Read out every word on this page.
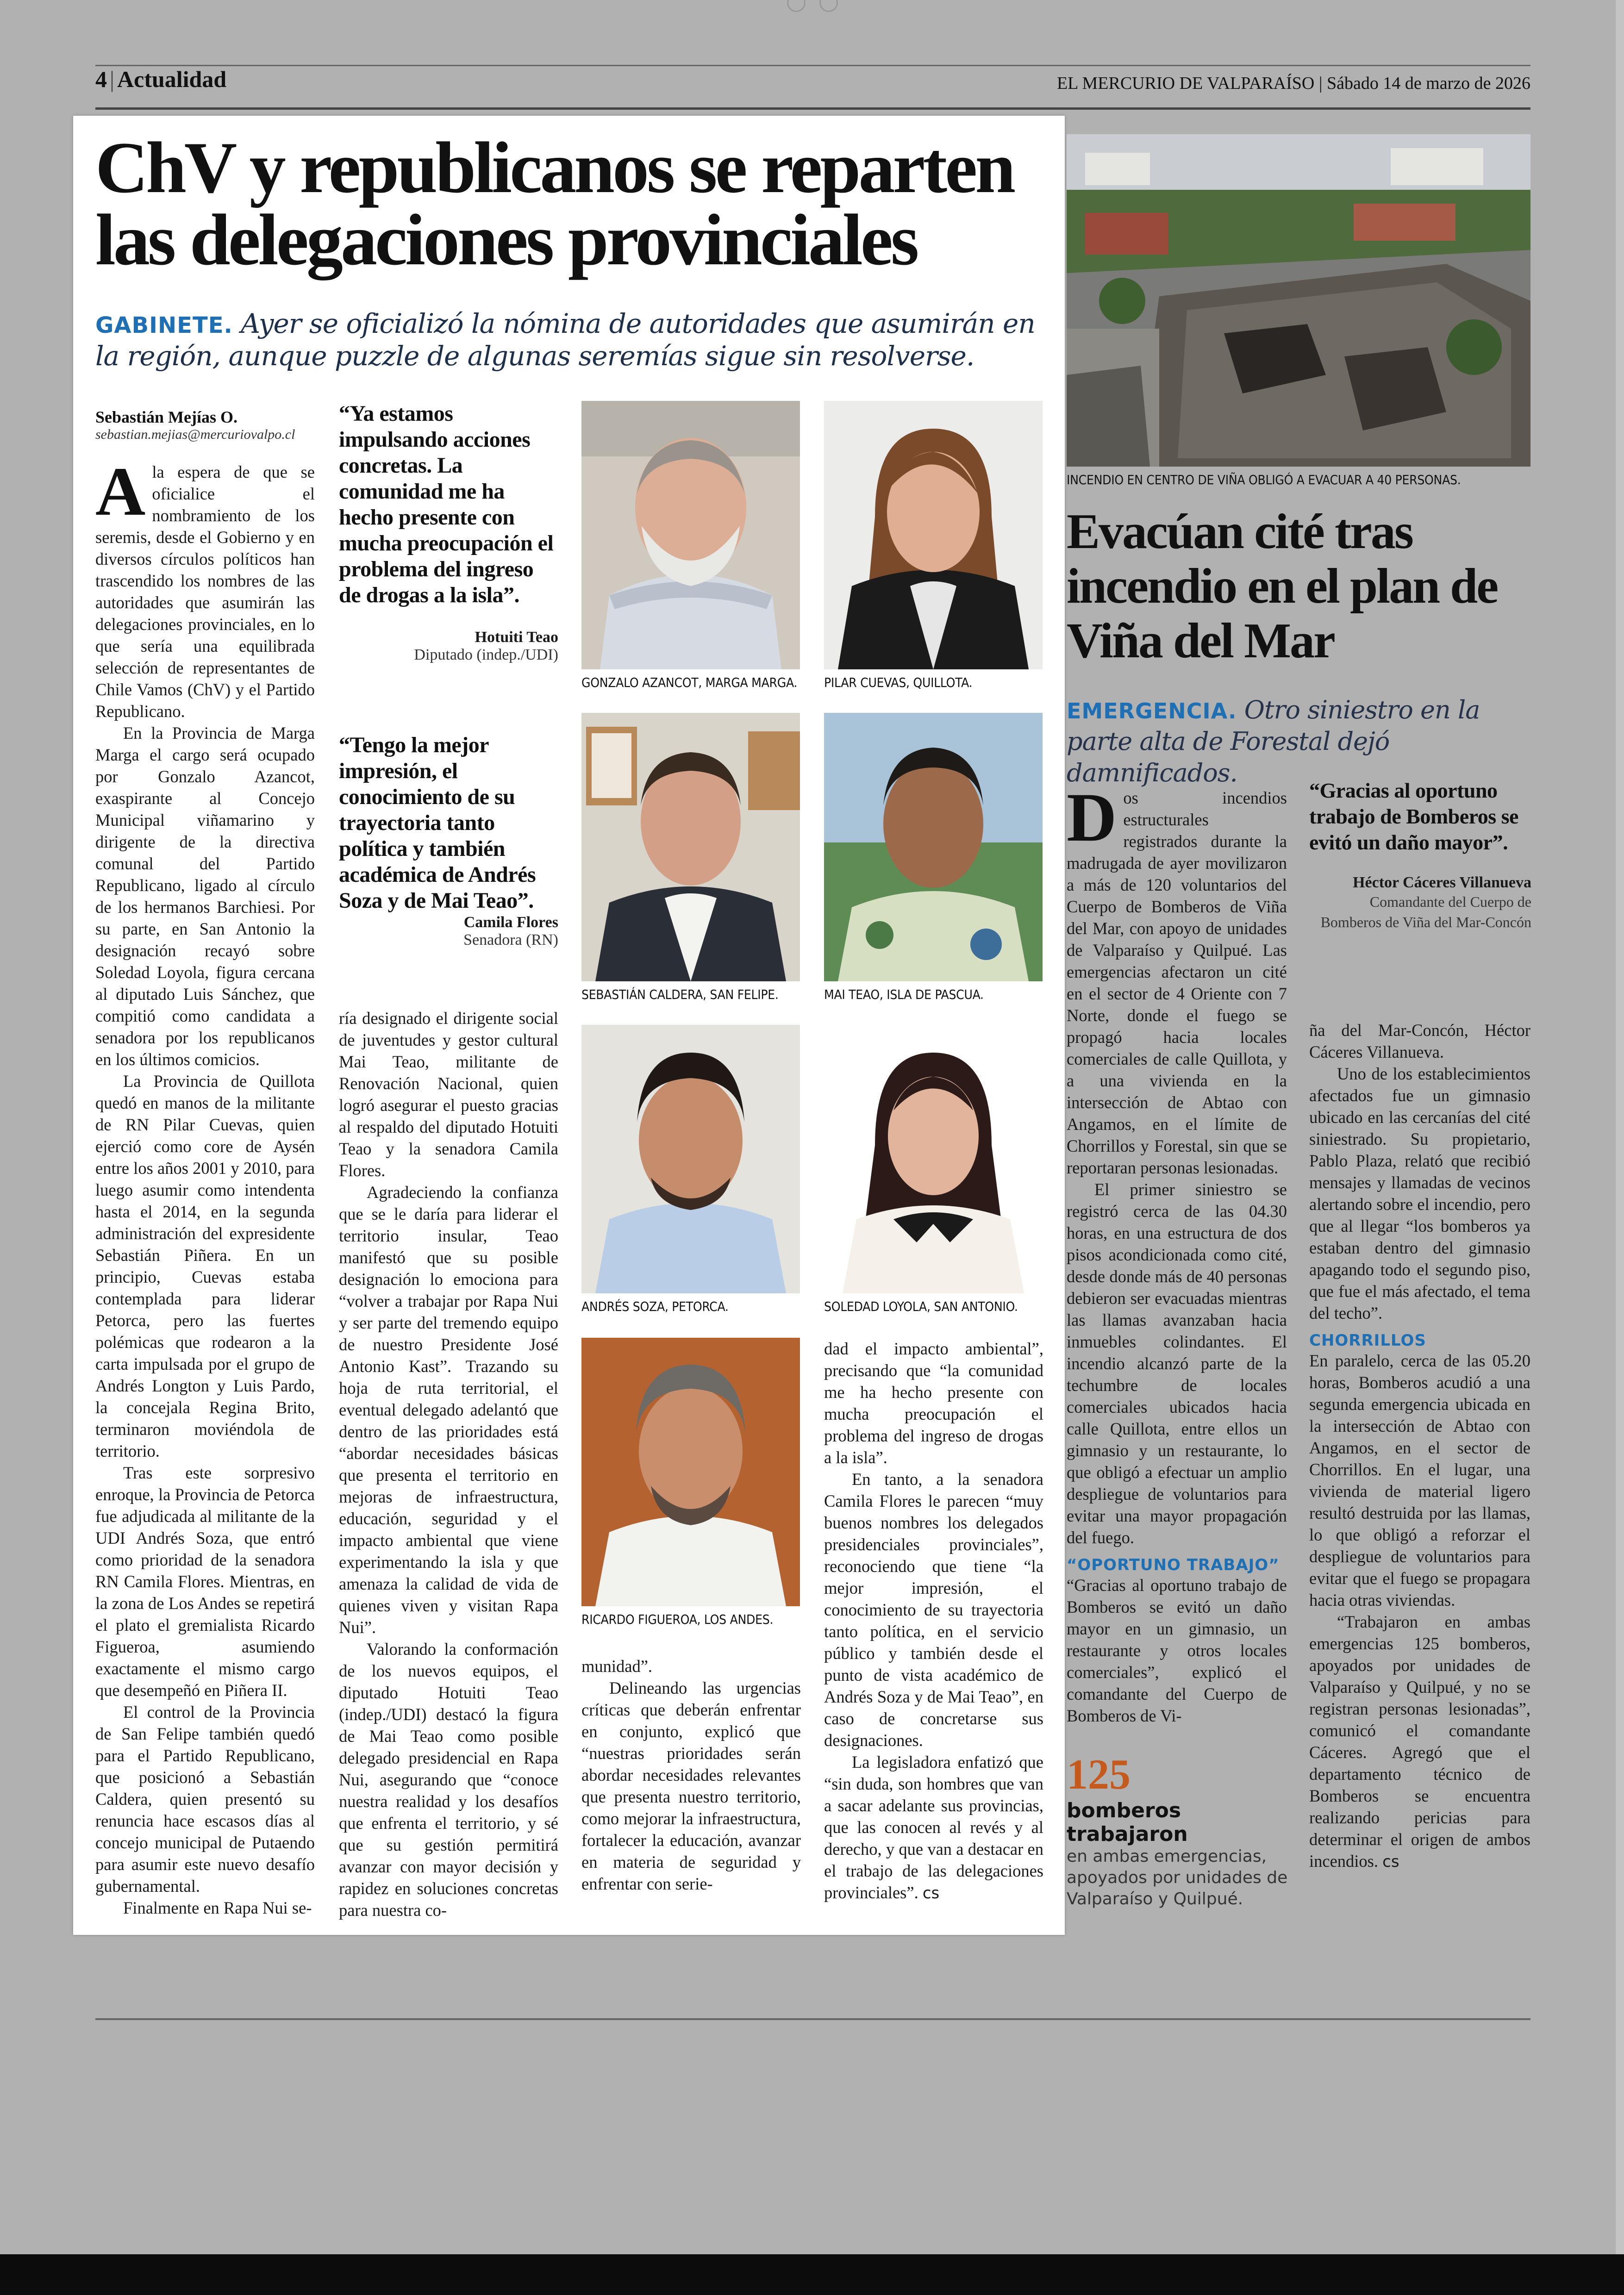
4 | Actualidad	EL MERCURIO DE VALPARAÍSO | Sábado 14 de marzo de 2026
ChV y republicanos se reparten las delegaciones provinciales
GABINETE. Ayer se oficializó la nómina de autoridades que asumirán en la región, aunque puzzle de algunas seremías sigue sin resolverse.
Sebastián Mejías O.
sebastian.mejias@mercuriovalpo.cl

Ala espera de que se oficialice el nombramiento de los seremis, desde el Gobierno y en diversos círculos políticos han trascendido los nombres de las autoridades que asumirán las delegaciones provinciales, en lo que sería una equilibrada selección de representantes de Chile Vamos (ChV) y el Partido Republicano.

En la Provincia de Marga Marga el cargo será ocupado por Gonzalo Azancot, exaspirante al Concejo Municipal viñamarino y dirigente de la directiva comunal del Partido Republicano, ligado al círculo de los hermanos Barchiesi. Por su parte, en San Antonio la designación recayó sobre Soledad Loyola, figura cercana al diputado Luis Sánchez, que compitió como candidata a senadora por los republicanos en los últimos comicios.

La Provincia de Quillota quedó en manos de la militante de RN Pilar Cuevas, quien ejerció como core de Aysén entre los años 2001 y 2010, para luego asumir como intendenta hasta el 2014, en la segunda administración del expresidente Sebastián Piñera. En un principio, Cuevas estaba contemplada para liderar Petorca, pero las fuertes polémicas que rodearon a la carta impulsada por el grupo de Andrés Longton y Luis Pardo, la concejala Regina Brito, terminaron moviéndola de territorio.

Tras este sorpresivo enroque, la Provincia de Petorca fue adjudicada al militante de la UDI Andrés Soza, que entró como prioridad de la senadora RN Camila Flores. Mientras, en la zona de Los Andes se repetirá el plato el gremialista Ricardo Figueroa, asumiendo exactamente el mismo cargo que desempeñó en Piñera II.

El control de la Provincia de San Felipe también quedó para el Partido Republicano, que posicionó a Sebastián Caldera, quien presentó su renuncia hace escasos días al concejo municipal de Putaendo para asumir este nuevo desafío gubernamental.

Finalmente en Rapa Nui se-

“Ya estamos impulsando acciones concretas. La comunidad me ha hecho presente con mucha preocupación el problema del ingreso de drogas a la isla”.
Hotuiti Teao
Diputado (indep./UDI)
“Tengo la mejor impresión, el conocimiento de su trayectoria tanto política y también académica de Andrés Soza y de Mai Teao”.
Camila Flores
Senadora (RN)

ría designado el dirigente social de juventudes y gestor cultural Mai Teao, militante de Renovación Nacional, quien logró asegurar el puesto gracias al respaldo del diputado Hotuiti Teao y la senadora Camila Flores.

Agradeciendo la confianza que se le daría para liderar el territorio insular, Teao manifestó que su posible designación lo emociona para “volver a trabajar por Rapa Nui y ser parte del tremendo equipo de nuestro Presidente José Antonio Kast”. Trazando su hoja de ruta territorial, el eventual delegado adelantó que dentro de las prioridades está “abordar necesidades básicas que presenta el territorio en mejoras de infraestructura, educación, seguridad y el impacto ambiental que viene experimentando la isla y que amenaza la calidad de vida de quienes viven y visitan Rapa Nui”.

Valorando la conformación de los nuevos equipos, el diputado Hotuiti Teao (indep./UDI) destacó la figura de Mai Teao como posible delegado presidencial en Rapa Nui, asegurando que “conoce nuestra realidad y los desafíos que enfrenta el territorio, y sé que su gestión permitirá avanzar con mayor decisión y rapidez en soluciones concretas para nuestra co-

GONZALO AZANCOT, MARGA MARGA. PILAR CUEVAS, QUILLOTA.
SEBASTIÁN CALDERA, SAN FELIPE.	MAI TEAO, ISLA DE PASCUA.
ANDRÉS SOZA, PETORCA.	SOLEDAD LOYOLA, SAN ANTONIO.
RICARDO FIGUEROA, LOS ANDES.

munidad”.

Delineando las urgencias críticas que deberán enfrentar en conjunto, explicó que “nuestras prioridades serán abordar necesidades relevantes que presenta nuestro territorio, como mejorar la infraestructura, fortalecer la educación, avanzar en materia de seguridad y enfrentar con serie-

dad el impacto ambiental”, precisando que “la comunidad me ha hecho presente con mucha preocupación el problema del ingreso de drogas a la isla”.

En tanto, a la senadora Camila Flores le parecen “muy buenos nombres los delegados presidenciales provinciales”, reconociendo que tiene “la mejor impresión, el conocimiento de su trayectoria tanto política, en el servicio público y también desde el punto de vista académico de Andrés Soza y de Mai Teao”, en caso de concretarse sus designaciones.

La legisladora enfatizó que “sin duda, son hombres que van a sacar adelante sus provincias, que las conocen al revés y al derecho, y que van a destacar en el trabajo de las delegaciones provinciales”. cs

INCENDIO EN CENTRO DE VIÑA OBLIGÓ A EVACUAR A 40 PERSONAS.
Evacúan cité tras incendio en el plan de Viña del Mar
EMERGENCIA. Otro siniestro en la parte alta de Forestal dejó damnificados.

Dos incendios estructurales registrados durante la madrugada de ayer movilizaron a más de 120 voluntarios del Cuerpo de Bomberos de Viña del Mar, con apoyo de unidades de Valparaíso y Quilpué. Las emergencias afectaron un cité en el sector de 4 Oriente con 7 Norte, donde el fuego se propagó hacia locales comerciales de calle Quillota, y a una vivienda en la intersección de Abtao con Angamos, en el límite de Chorrillos y Forestal, sin que se reportaran personas lesionadas.

El primer siniestro se registró cerca de las 04.30 horas, en una estructura de dos pisos acondicionada como cité, desde donde más de 40 personas debieron ser evacuadas mientras las llamas avanzaban hacia inmuebles colindantes. El incendio alcanzó parte de la techumbre de locales comerciales ubicados hacia calle Quillota, entre ellos un gimnasio y un restaurante, lo que obligó a efectuar un amplio despliegue de voluntarios para evitar una mayor propagación del fuego.

“OPORTUNO TRABAJO”

“Gracias al oportuno trabajo de Bomberos se evitó un daño mayor en un gimnasio, un restaurante y otros locales comerciales”, explicó el comandante del Cuerpo de Bomberos de Vi-

125
bomberos trabajaron
en ambas emergencias, apoyados por unidades de Valparaíso y Quilpué.
“Gracias al oportuno trabajo de Bomberos se evitó un daño mayor”.
Héctor Cáceres Villanueva
Comandante del Cuerpo de Bomberos de Viña del Mar-Concón

ña del Mar-Concón, Héctor Cáceres Villanueva.

Uno de los establecimientos afectados fue un gimnasio ubicado en las cercanías del cité siniestrado. Su propietario, Pablo Plaza, relató que recibió mensajes y llamadas de vecinos alertando sobre el incendio, pero que al llegar “los bomberos ya estaban dentro del gimnasio apagando todo el segundo piso, que fue el más afectado, el tema del techo”.

CHORRILLOS

En paralelo, cerca de las 05.20 horas, Bomberos acudió a una segunda emergencia ubicada en la intersección de Abtao con Angamos, en el sector de Chorrillos. En el lugar, una vivienda de material ligero resultó destruida por las llamas, lo que obligó a reforzar el despliegue de voluntarios para evitar que el fuego se propagara hacia otras viviendas.

“Trabajaron en ambas emergencias 125 bomberos, apoyados por unidades de Valparaíso y Quilpué, y no se registran personas lesionadas”, comunicó el comandante Cáceres. Agregó que el departamento técnico de Bomberos se encuentra realizando pericias para determinar el origen de ambos incendios. cs
